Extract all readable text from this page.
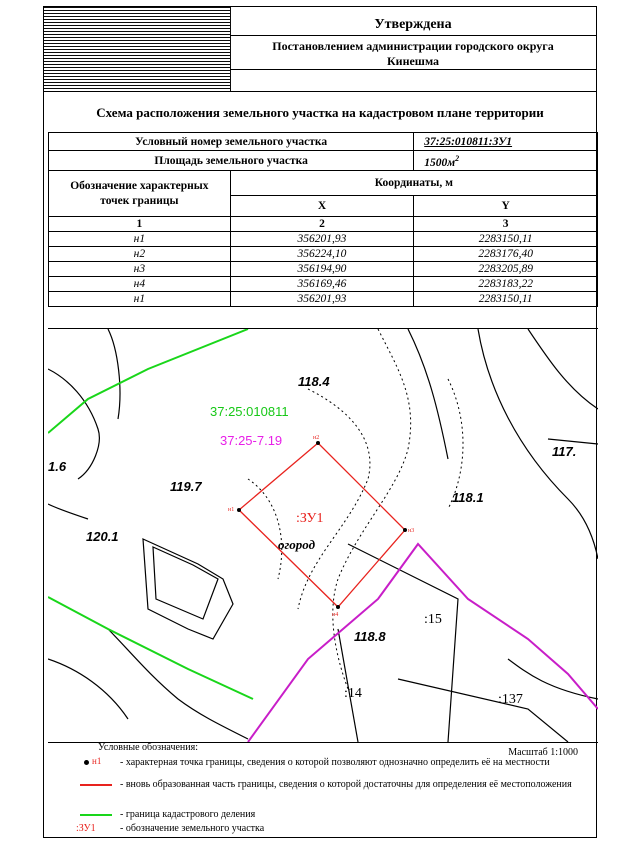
Утверждена
Постановлением администрации городского округа
Кинешма
Схема расположения земельного участка на кадастровом плане территории
Условный номер земельного участка		37:25:010811:ЗУ1
Площадь земельного участка		$1500м^2$
Обозначение характерных точек границы	Координаты, м	
	X	Y
1	2	3
н1	356201,93	2283150,11
н2	356224,10	2283176,40
н3	356194,90	2283205,89
н4	356169,46	2283183,22
н1	356201,93	2283150,11
н1
н2
н3
н4
37:25:010811
37:25-7.19
:ЗУ1
огород
118.4
119.7
120.1
118.1
118.8
117.
1.6
:15
:14	:137
Условные обозначения:	Масштаб 1:1000
н1 - характерная точка границы, сведения о которой позволяют однозначно определить её на местности
- вновь образованная часть границы, сведения о которой достаточны для определения её местоположения
- граница кадастрового деления
:ЗУ1 - обозначение земельного участка
